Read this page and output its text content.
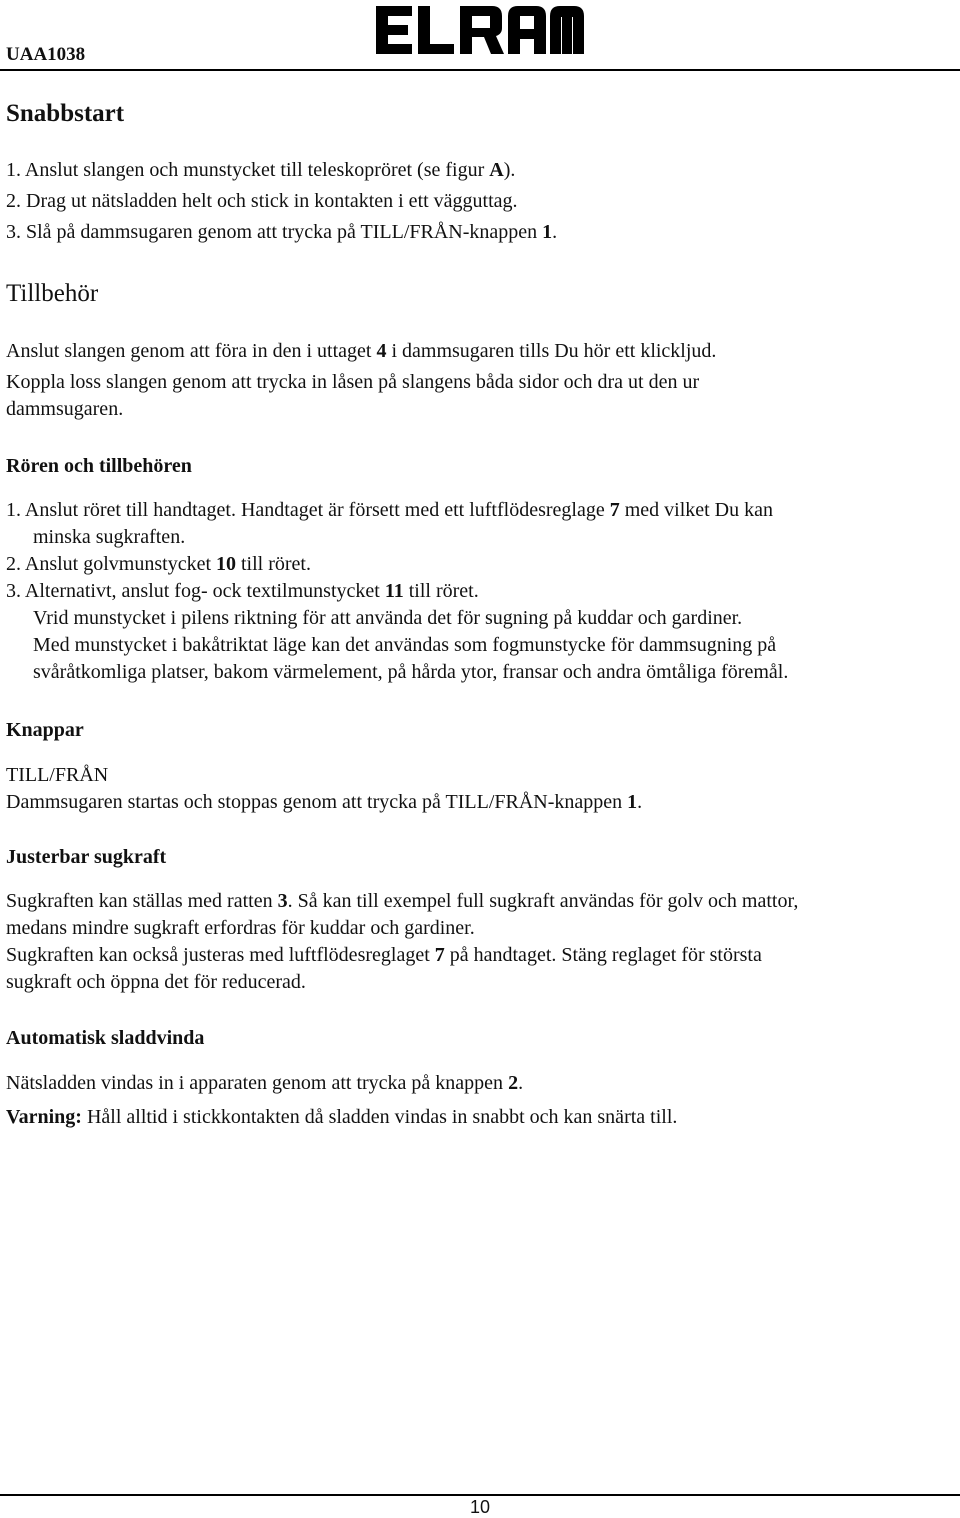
UAA1038
Snabbstart
1. Anslut slangen och munstycket till teleskopröret (se figur A).
2. Drag ut nätsladden helt och stick in kontakten i ett vägguttag.
3. Slå på dammsugaren genom att trycka på TILL/FRÅN-knappen 1.
Tillbehör
Anslut slangen genom att föra in den i uttaget 4 i dammsugaren tills Du hör ett klickljud.
Koppla loss slangen genom att trycka in låsen på slangens båda sidor och dra ut den ur
dammsugaren.
Rören och tillbehören
1. Anslut röret till handtaget. Handtaget är försett med ett luftflödesreglage 7 med vilket Du kan
minska sugkraften.
2. Anslut golvmunstycket 10 till röret.
3. Alternativt, anslut fog- ock textilmunstycket 11 till röret.
Vrid munstycket i pilens riktning för att använda det för sugning på kuddar och gardiner.
Med munstycket i bakåtriktat läge kan det användas som fogmunstycke för dammsugning på
svåråtkomliga platser, bakom värmelement, på hårda ytor, fransar och andra ömtåliga föremål.
Knappar
TILL/FRÅN
Dammsugaren startas och stoppas genom att trycka på TILL/FRÅN-knappen 1.
Justerbar sugkraft
Sugkraften kan ställas med ratten 3. Så kan till exempel full sugkraft användas för golv och mattor,
medans mindre sugkraft erfordras för kuddar och gardiner.
Sugkraften kan också justeras med luftflödesreglaget 7 på handtaget. Stäng reglaget för största
sugkraft och öppna det för reducerad.
Automatisk sladdvinda
Nätsladden vindas in i apparaten genom att trycka på knappen 2.
Varning: Håll alltid i stickkontakten då sladden vindas in snabbt och kan snärta till.
10
